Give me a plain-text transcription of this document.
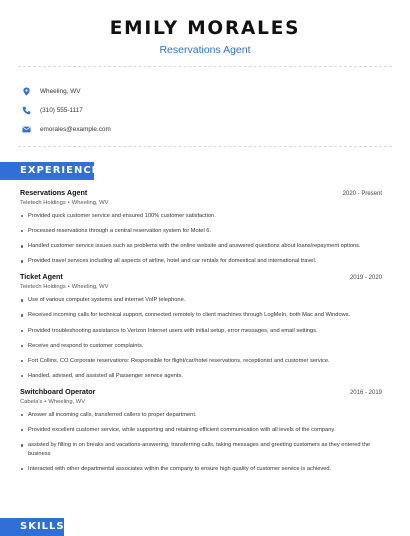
EMILY MORALES
Reservations Agent
Wheeling, WV
(310) 555-1117
emorales@example.com
EXPERIENCE
Reservations Agent	2020 - Present
Teletech Holdings • Wheeling, WV
Provided quick customer service and ensured 100% customer satisfaction.
Processed reservations through a central reservation system for Motel 6.
Handled customer service issues such as problems with the online website and answered questions about loans/repayment options.
Provided travel services including all aspects of airline, hotel and car rentals for domestical and international travel.
Ticket Agent	2019 - 2020
Teletech Holdings • Wheeling, WV
Use of various computer systems and internet VoIP telephone.
Received incoming calls for technical support, connected remotely to client machines through LogMeIn, both Mac and Windows.
Provided troubleshooting assistance to Verizon Internet users with initial setup, error messages, and email settings.
Receive and respond to customer complaints.
Fort Collins, CO Corporate reservations: Responsible for flight/car/hotel reservations, receptionist and customer service.
Handled, advised, and assisted all Passenger service agents.
Switchboard Operator	2016 - 2019
Cabela's • Wheeling, WV
Answer all incoming calls, transferred callers to proper department.
Provided excellent customer service, while supporting and retaining efficient communication with all levels of the company.
assisted by filling in on breaks and vacations-answering, transferring calls, taking messages and greeting customers as they entered the business
Interacted with other departmental associates within the company to ensure high quality of customer service is achieved.
SKILLS
